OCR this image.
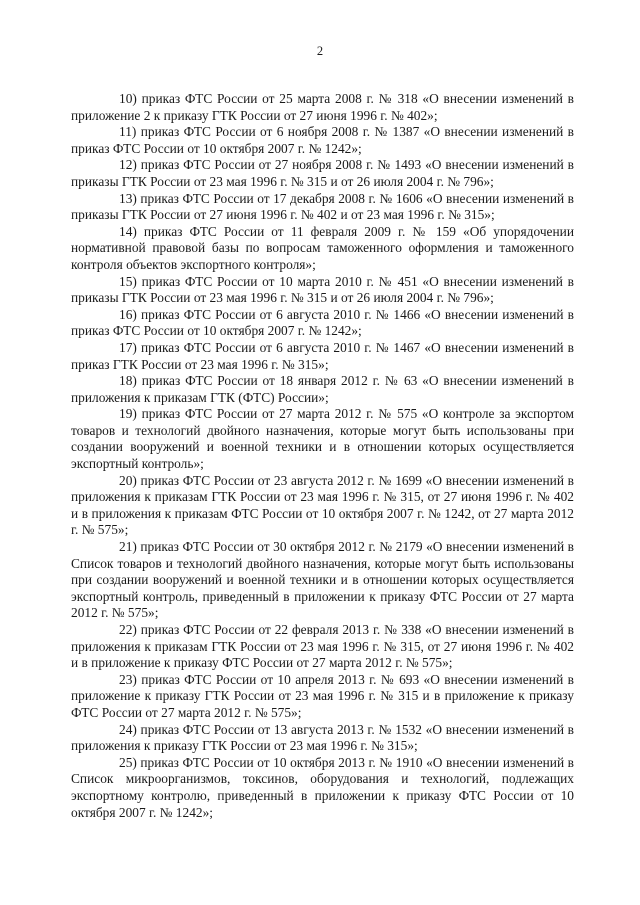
2

10) приказ ФТС России от 25 марта 2008 г. № 318 «О внесении изменений в приложение 2 к приказу ГТК России от 27 июня 1996 г. № 402»;

11) приказ ФТС России от 6 ноября 2008 г. № 1387 «О внесении изменений в приказ ФТС России от 10 октября 2007 г. № 1242»;

12) приказ ФТС России от 27 ноября 2008 г. № 1493 «О внесении изменений в приказы ГТК России от 23 мая 1996 г. № 315 и от 26 июля 2004 г. № 796»;

13) приказ ФТС России от 17 декабря 2008 г. № 1606 «О внесении изменений в приказы ГТК России от 27 июня 1996 г. № 402 и от 23 мая 1996 г. № 315»;

14) приказ ФТС России от 11 февраля 2009 г. № 159 «Об упорядочении нормативной правовой базы по вопросам таможенного оформления и таможенного контроля объектов экспортного контроля»;

15) приказ ФТС России от 10 марта 2010 г. № 451 «О внесении изменений в приказы ГТК России от 23 мая 1996 г. № 315 и от 26 июля 2004 г. № 796»;

16) приказ ФТС России от 6 августа 2010 г. № 1466 «О внесении изменений в приказ ФТС России от 10 октября 2007 г. № 1242»;

17) приказ ФТС России от 6 августа 2010 г. № 1467 «О внесении изменений в приказ ГТК России от 23 мая 1996 г. № 315»;

18) приказ ФТС России от 18 января 2012 г. № 63 «О внесении изменений в приложения к приказам ГТК (ФТС) России»;

19) приказ ФТС России от 27 марта 2012 г. № 575 «О контроле за экспортом товаров и технологий двойного назначения, которые могут быть использованы при создании вооружений и военной техники и в отношении которых осуществляется экспортный контроль»;

20) приказ ФТС России от 23 августа 2012 г. № 1699 «О внесении изменений в приложения к приказам ГТК России от 23 мая 1996 г. № 315, от 27 июня 1996 г. № 402 и в приложения к приказам ФТС России от 10 октября 2007 г. № 1242, от 27 марта 2012 г. № 575»;

21) приказ ФТС России от 30 октября 2012 г. № 2179 «О внесении изменений в Список товаров и технологий двойного назначения, которые могут быть использованы при создании вооружений и военной техники и в отношении которых осуществляется экспортный контроль, приведенный в приложении к приказу ФТС России от 27 марта 2012 г. № 575»;

22) приказ ФТС России от 22 февраля 2013 г. № 338 «О внесении изменений в приложения к приказам ГТК России от 23 мая 1996 г. № 315, от 27 июня 1996 г. № 402 и в приложение к приказу ФТС России от 27 марта 2012 г. № 575»;

23) приказ ФТС России от 10 апреля 2013 г. № 693 «О внесении изменений в приложение к приказу ГТК России от 23 мая 1996 г. № 315 и в приложение к приказу ФТС России от 27 марта 2012 г. № 575»;

24) приказ ФТС России от 13 августа 2013 г. № 1532 «О внесении изменений в приложения к приказу ГТК России от 23 мая 1996 г. № 315»;

25) приказ ФТС России от 10 октября 2013 г. № 1910 «О внесении изменений в Список микроорганизмов, токсинов, оборудования и технологий, подлежащих экспортному контролю, приведенный в приложении к приказу ФТС России от 10 октября 2007 г. № 1242»;
